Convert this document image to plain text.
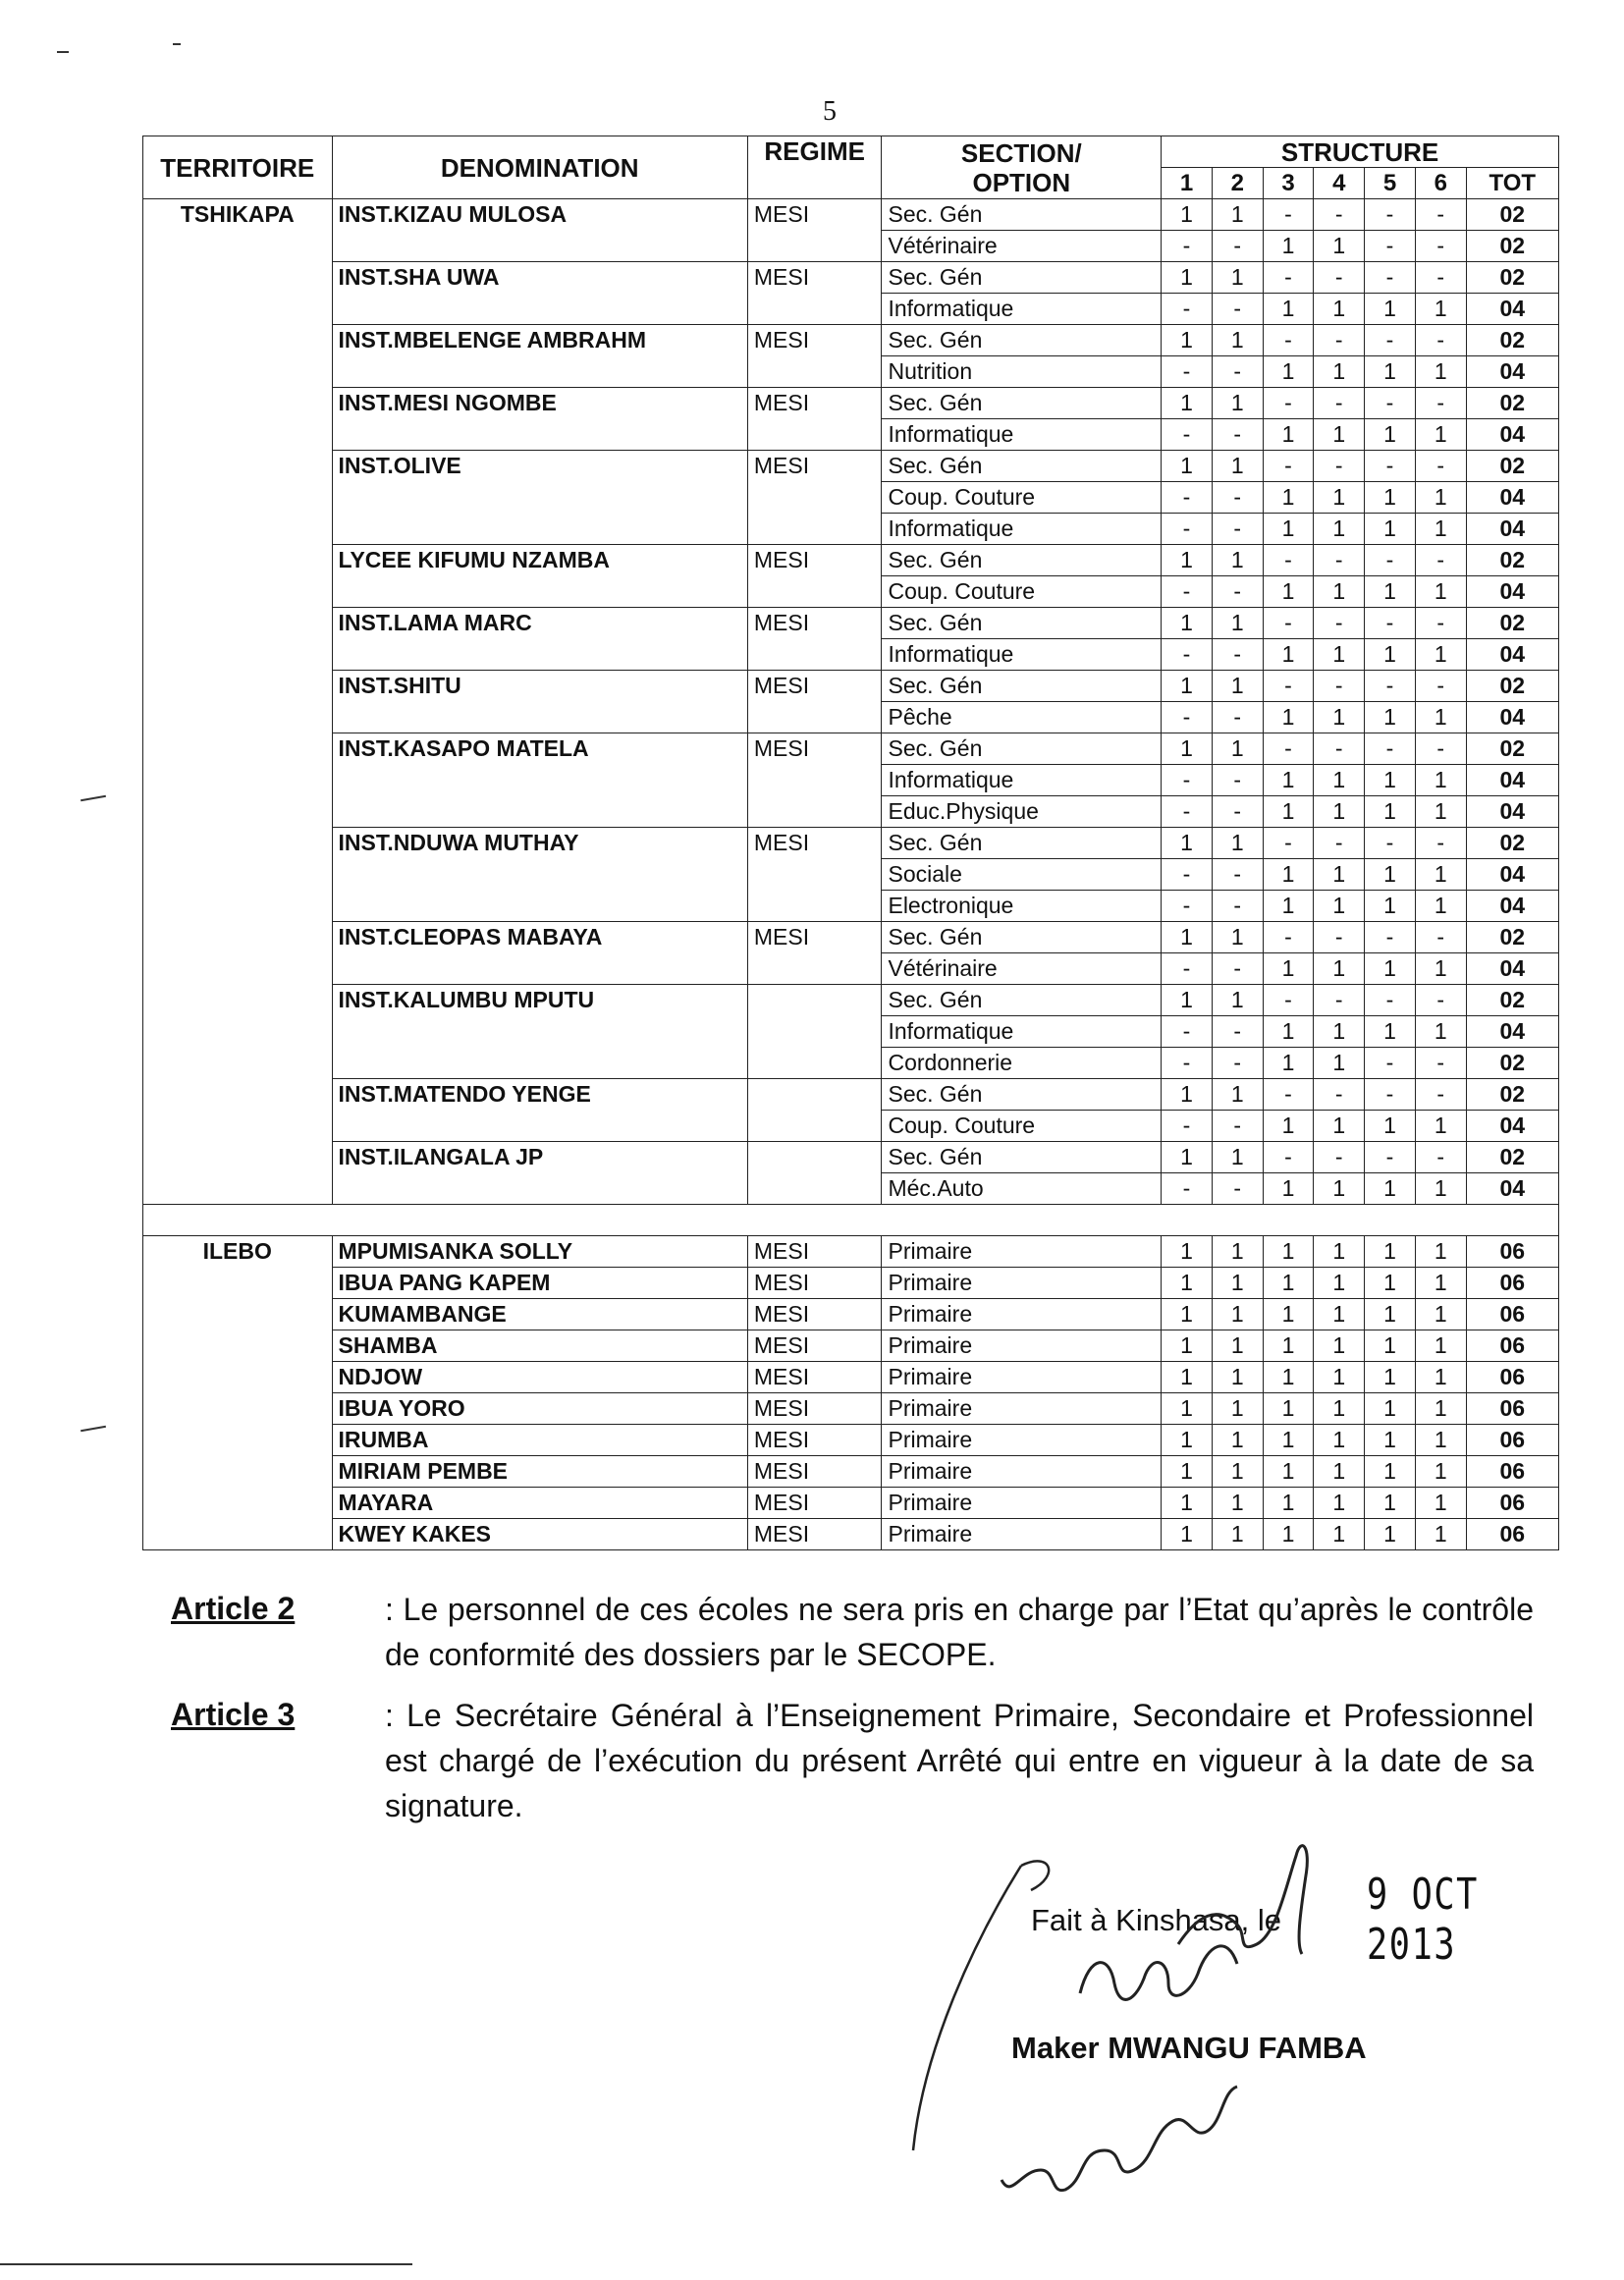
5
TERRITOIRE	DENOMINATION	REGIME	SECTION/
OPTION	STRUCTURE						
				1	2	3	4	5	6	TOT
TSHIKAPA	INST.KIZAU MULOSA	MESI	Sec. Gén	1	1	-	-	-	-	02
			Vétérinaire	-	-	1	1	-	-	02
	INST.SHA UWA	MESI	Sec. Gén	1	1	-	-	-	-	02
			Informatique	-	-	1	1	1	1	04
	INST.MBELENGE AMBRAHM	MESI	Sec. Gén	1	1	-	-	-	-	02
			Nutrition	-	-	1	1	1	1	04
	INST.MESI NGOMBE	MESI	Sec. Gén	1	1	-	-	-	-	02
			Informatique	-	-	1	1	1	1	04
	INST.OLIVE	MESI	Sec. Gén	1	1	-	-	-	-	02
			Coup. Couture	-	-	1	1	1	1	04
			Informatique	-	-	1	1	1	1	04
	LYCEE KIFUMU NZAMBA	MESI	Sec. Gén	1	1	-	-	-	-	02
			Coup. Couture	-	-	1	1	1	1	04
	INST.LAMA MARC	MESI	Sec. Gén	1	1	-	-	-	-	02
			Informatique	-	-	1	1	1	1	04
	INST.SHITU	MESI	Sec. Gén	1	1	-	-	-	-	02
			Pêche	-	-	1	1	1	1	04
	INST.KASAPO MATELA	MESI	Sec. Gén	1	1	-	-	-	-	02
			Informatique	-	-	1	1	1	1	04
			Educ.Physique	-	-	1	1	1	1	04
	INST.NDUWA MUTHAY	MESI	Sec. Gén	1	1	-	-	-	-	02
			Sociale	-	-	1	1	1	1	04
			Electronique	-	-	1	1	1	1	04
	INST.CLEOPAS MABAYA	MESI	Sec. Gén	1	1	-	-	-	-	02
			Vétérinaire	-	-	1	1	1	1	04
	INST.KALUMBU MPUTU		Sec. Gén	1	1	-	-	-	-	02
			Informatique	-	-	1	1	1	1	04
			Cordonnerie	-	-	1	1	-	-	02
	INST.MATENDO YENGE		Sec. Gén	1	1	-	-	-	-	02
			Coup. Couture	-	-	1	1	1	1	04
	INST.ILANGALA JP		Sec. Gén	1	1	-	-	-	-	02
			Méc.Auto	-	-	1	1	1	1	04

ILEBO	MPUMISANKA SOLLY	MESI	Primaire	1	1	1	1	1	1	06
	IBUA PANG KAPEM	MESI	Primaire	1	1	1	1	1	1	06
	KUMAMBANGE	MESI	Primaire	1	1	1	1	1	1	06
	SHAMBA	MESI	Primaire	1	1	1	1	1	1	06
	NDJOW	MESI	Primaire	1	1	1	1	1	1	06
	IBUA YORO	MESI	Primaire	1	1	1	1	1	1	06
	IRUMBA	MESI	Primaire	1	1	1	1	1	1	06
	MIRIAM PEMBE	MESI	Primaire	1	1	1	1	1	1	06
	MAYARA	MESI	Primaire	1	1	1	1	1	1	06
	KWEY KAKES	MESI	Primaire	1	1	1	1	1	1	06
Article 2	: Le personnel de ces écoles ne sera pris en charge par l’Etat qu’après le contrôle de conformité des dossiers par le SECOPE.
Article 3	: Le Secrétaire Général à l’Enseignement Primaire, Secondaire et Professionnel est chargé de l’exécution du présent Arrêté qui entre en vigueur à la date de sa signature.
Fait à Kinshasa, le
9 OCT 2013
Maker MWANGU FAMBA
